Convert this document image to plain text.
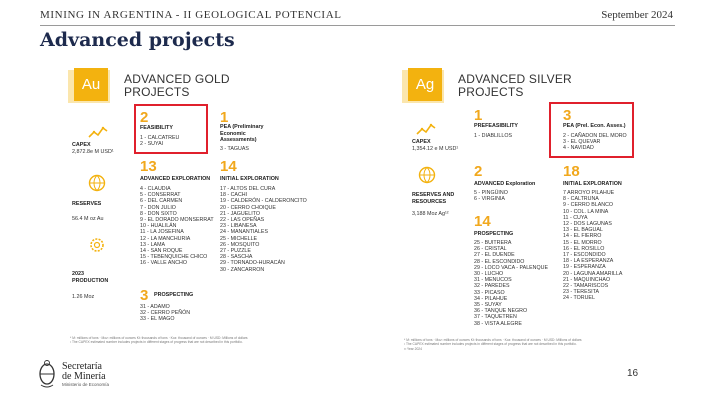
MINING IN ARGENTINA - II GEOLOGICAL POTENCIAL	September 2024
Advanced projects
Au	ADVANCED GOLD
PROJECTS
CAPEX
2,872.8e M USD¹
RESERVES
56.4 M oz Au
2023
PRODUCTION
1.26 Moz
2
FEASIBILITY
1 - CALCATREU
2 - SUYAI
1
PEA (Preliminary Economic Assessments)
3 - TAGUAS
13
ADVANCED EXPLORATION
4 - CLAUDIA
5 - CONSERRAT
6 - DEL CARMEN
7 - DON JULIO
8 - DON SIXTO
9 - EL DORADO MONSERRAT
10 - HUALILÁN
11 - LA JOSEFINA
12 - LA MANCHURIA
13 - LAMA
14 - SAN ROQUE
15 - TEBENQUICHE CHICO
16 - VALLE ANCHO
14
INITIAL EXPLORATION
17 - ALTOS DEL CURA
18 - CACHI
19 - CALDERÓN - CALDERONCITO
20 - CERRO CHOIQUE
21 - JAGUELITO
22 - LAS OPEÑAS
23 - LIBANESA
24 - MANANTIALES
25 - MICHELLE
26 - MOSQUITO
27 - PUZZLE
28 - SASCHA
29 - TORNADO-HURACÁN
30 - ZANCARRON
3 PROSPECTING
31 - ADAMO
32 - CERRO PEÑÓN
33 - EL MAGO
* M: millions of tons · Moz: millions of ounces Kt: thousands of tons · Koz: thousand of ounces · M USD: Millions of dollars
¹ The CAPEX estimated number includes projects in different stages of progress that are not described in this portfolio.
Ag	ADVANCED SILVER
PROJECTS
CAPEX
1,354.12 e M USD¹
RESERVES AND
RESOURCES
3,188 Moz Ag¹²
1
PREFEASIBILITY
1 - DIABLILLOS
3
PEA (Prel. Econ. Asses.)
2 - CAÑADON DEL MORO
3 - EL QUEVAR
4 - NAVIDAD
2
ADVANCED Exploration
5 - PINGÜINO
6 - VIRGINIA
14
PROSPECTING
25 - BUITRERA
26 - CRISTAL
27 - EL DUENDE
28 - EL ESCONDIDO
29 - LOCO VACA - PALENQUE
30 - LUCHO
31 - MENUCOS
32 - PAREDES
33 - PICASO
34 - PILAHUE
35 - SUYAY
36 - TANQUE NEGRO
37 - TAQUETREN
38 - VISTA ALEGRE
18
INITIAL EXPLORATION
7 ARROYO PILAHUE
8 - CALTRUNA
9 - CERRO BLANCO
10 - COL. LA MINA
11 - CUYA
12 - DOS LAGUNAS
13 - EL BAGUAL
14 - EL FIERRO
15 - EL MORRO
16 - EL ROSILLO
17 - ESCONDIDO
18 - LA ESPERANZA
19 - ESPERANZA
20 - LAGUNA AMARILLA
21 - MAQUINCHAO
22 - TAMARISCOS
23 - TERESITA
24 - TORUEL
* M: millions of tons · Moz: millions of ounces Kt: thousands of tons · Koz: thousand of ounces · M USD: Millions of dollars
¹ The CAPEX estimated number includes projects in different stages of progress that are not described in this portfolio.
²² Year 2024
Secretaría
de Minería
Ministerio de Economía
16
